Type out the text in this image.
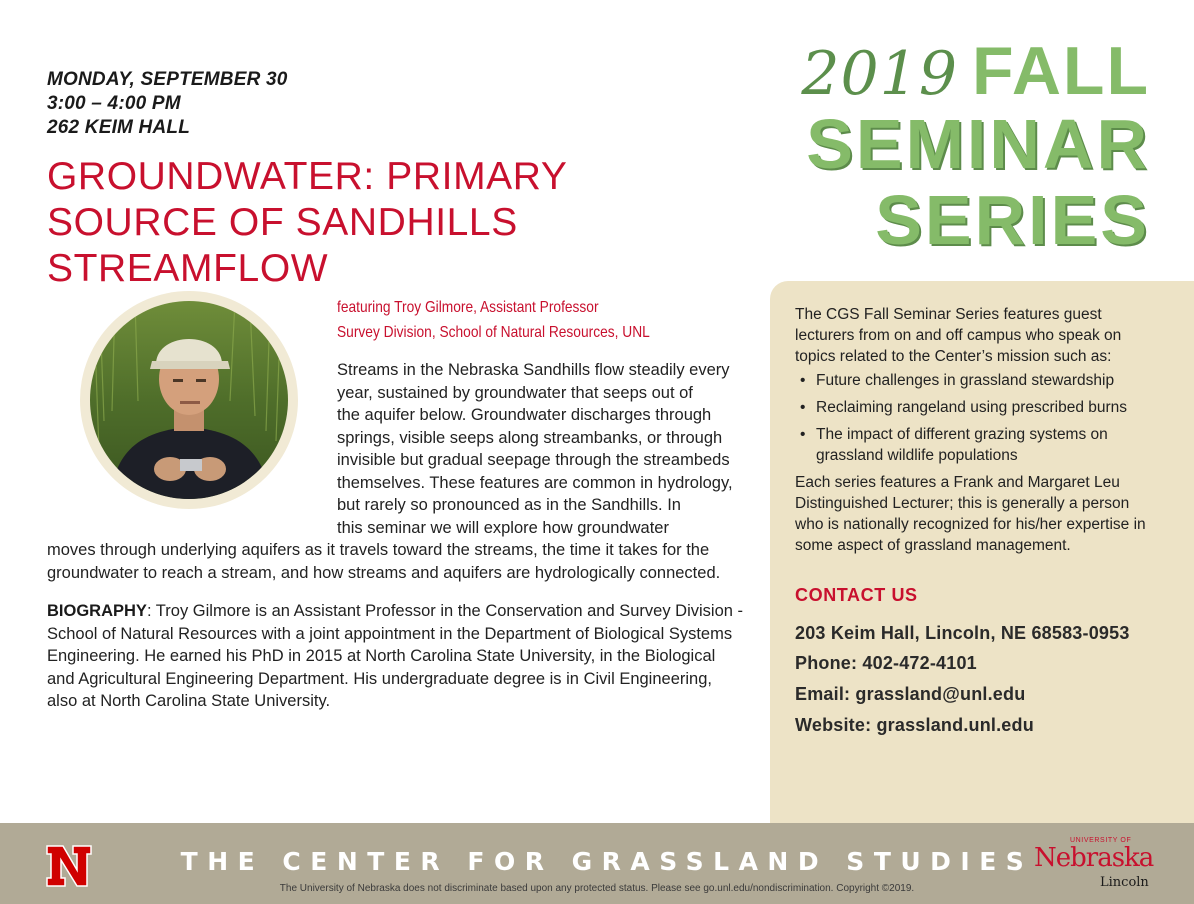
MONDAY, SEPTEMBER 30
3:00 – 4:00 PM
262 KEIM HALL
GROUNDWATER: PRIMARY
SOURCE OF SANDHILLS
STREAMFLOW
featuring Troy Gilmore, Assistant Professor
Survey Division, School of Natural Resources, UNL
Streams in the Nebraska Sandhills flow steadily every
year, sustained by groundwater that seeps out of
the aquifer below. Groundwater discharges through
springs, visible seeps along streambanks, or through
invisible but gradual seepage through the streambeds
themselves. These features are common in hydrology,
but rarely so pronounced as in the Sandhills. In
this seminar we will explore how groundwater
moves through underlying aquifers as it travels toward the streams, the time it takes for the
groundwater to reach a stream, and how streams and aquifers are hydrologically connected.
BIOGRAPHY: Troy Gilmore is an Assistant Professor in the Conservation and Survey Division -
School of Natural Resources with a joint appointment in the Department of Biological Systems
Engineering. He earned his PhD in 2015 at North Carolina State University, in the Biological
and Agricultural Engineering Department. His undergraduate degree is in Civil Engineering,
also at North Carolina State University.
2019 FALL
SEMINAR
SERIES
The CGS Fall Seminar Series features guest
lecturers from on and off campus who speak on
topics related to the Center’s mission such as:
• Future challenges in grassland stewardship
• Reclaiming rangeland using prescribed burns
• The impact of different grazing systems on
grassland wildlife populations
Each series features a Frank and Margaret Leu
Distinguished Lecturer; this is generally a person
who is nationally recognized for his/her expertise in
some aspect of grassland management.
CONTACT US
203 Keim Hall, Lincoln, NE 68583-0953
Phone: 402-472-4101
Email: grassland@unl.edu
Website: grassland.unl.edu
THE CENTER FOR GRASSLAND STUDIES
The University of Nebraska does not discriminate based upon any protected status. Please see go.unl.edu/nondiscrimination. Copyright ©2019.
UNIVERSITY OF
Nebraska
Lincoln
